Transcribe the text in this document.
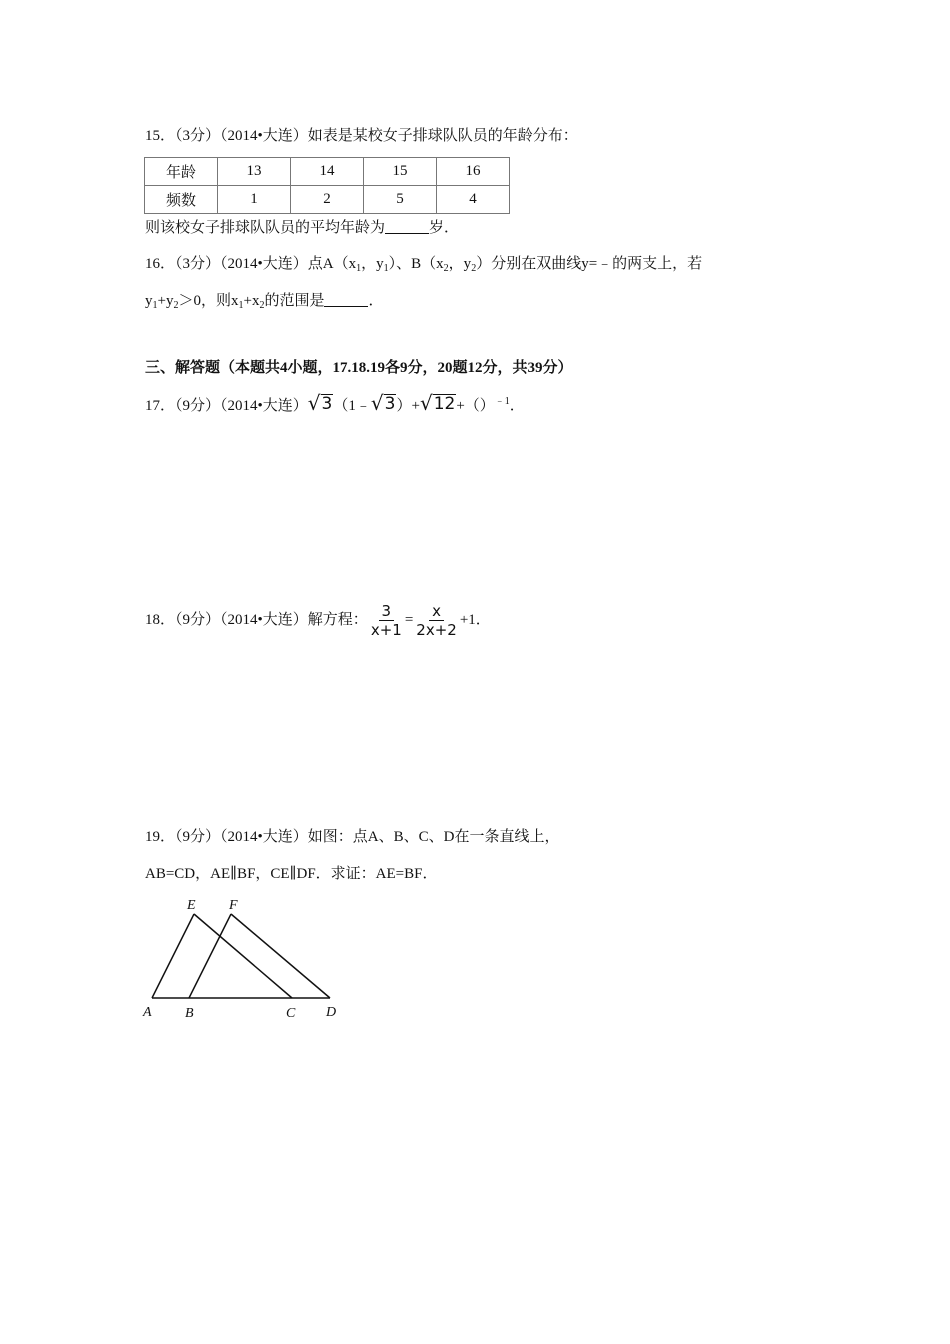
15．（3分）（2014•大连）如表是某校女子排球队队员的年龄分布：
年龄	13	14	15	16
频数	1	2	5	4
则该校女子排球队队员的平均年龄为	岁．
16．（3分）（2014•大连）点$A(x_1$，$y_1$）、$B(x_2$，$y_2$）分别在双曲线y=﹣的两支上，若
$y_1+y_2>0$，则$x_1+x_2$的范围是	．
三、解答题（本题共4小题，17.18.19各9分，20题12分，共39分）
17．（9分）（2014•大连） √ 3 （1﹣ √ 3 ）+ √ 12 +（）$^{﹣1}$．
18．（9分）（2014•大连）解方程： $\frac{3}{x+1} = \frac{x}{2x+2} +1$．
19．（9分）（2014•大连）如图：点A、B、C、D在一条直线上，
AB=CD，AE∥BF，CE∥DF．求证：AE=BF．
E F
A B	C D
